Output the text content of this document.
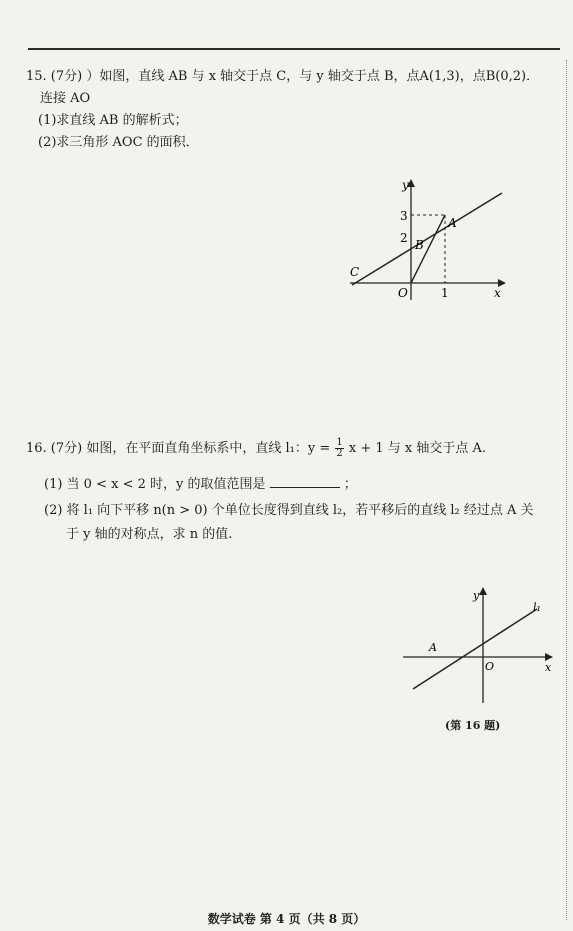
15. (7分) ）如图，直线 AB 与 x 轴交于点 C，与 y 轴交于点 B，点A(1,3)，点B(0,2)．
连接 AO
(1)求直线 AB 的解析式；
(2)求三角形 AOC 的面积．
y
x
3
2
1
A
B
C
O
16. (7分) 如图，在平面直角坐标系中，直线 l₁：$y = \frac{1}{2}$ x + 1 与 x 轴交于点 A.
(1) 当 0 < x < 2 时，y 的取值范围是	；
(2) 将 l₁ 向下平移 n(n > 0) 个单位长度得到直线 l₂，若平移后的直线 l₂ 经过点 A 关
于 y 轴的对称点，求 n 的值.
y
x
l₁
A
O
(第 16 题)
数学试卷 第 4 页（共 8 页）
